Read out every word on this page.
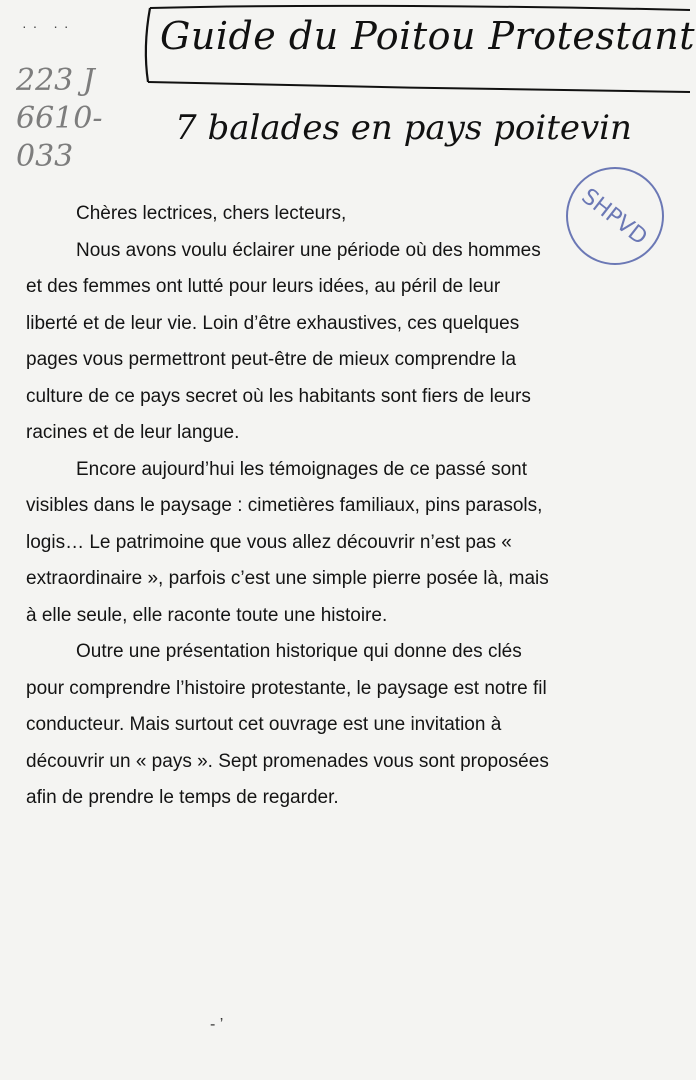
·· ·· Guide du Poitou Protestant
7 balades en pays poitevin
223 J
6610-
033
SHPVD

Chères lectrices, chers lecteurs,

Nous avons voulu éclairer une période où des hommes et des femmes ont lutté pour leurs idées, au péril de leur liberté et de leur vie. Loin d’être exhaustives, ces quelques pages vous permettront peut-être de mieux comprendre la culture de ce pays secret où les habitants sont fiers de leurs racines et de leur langue.

Encore aujourd’hui les témoignages de ce passé sont visibles dans le paysage : cimetières familiaux, pins parasols, logis… Le patrimoine que vous allez découvrir n’est pas « extraordinaire », parfois c’est une simple pierre posée là, mais à elle seule, elle raconte toute une histoire.

Outre une présentation historique qui donne des clés pour comprendre l’histoire protestante, le paysage est notre fil conducteur. Mais surtout cet ouvrage est une invitation à découvrir un « pays ». Sept promenades vous sont proposées afin de prendre le temps de regarder.

- ’
